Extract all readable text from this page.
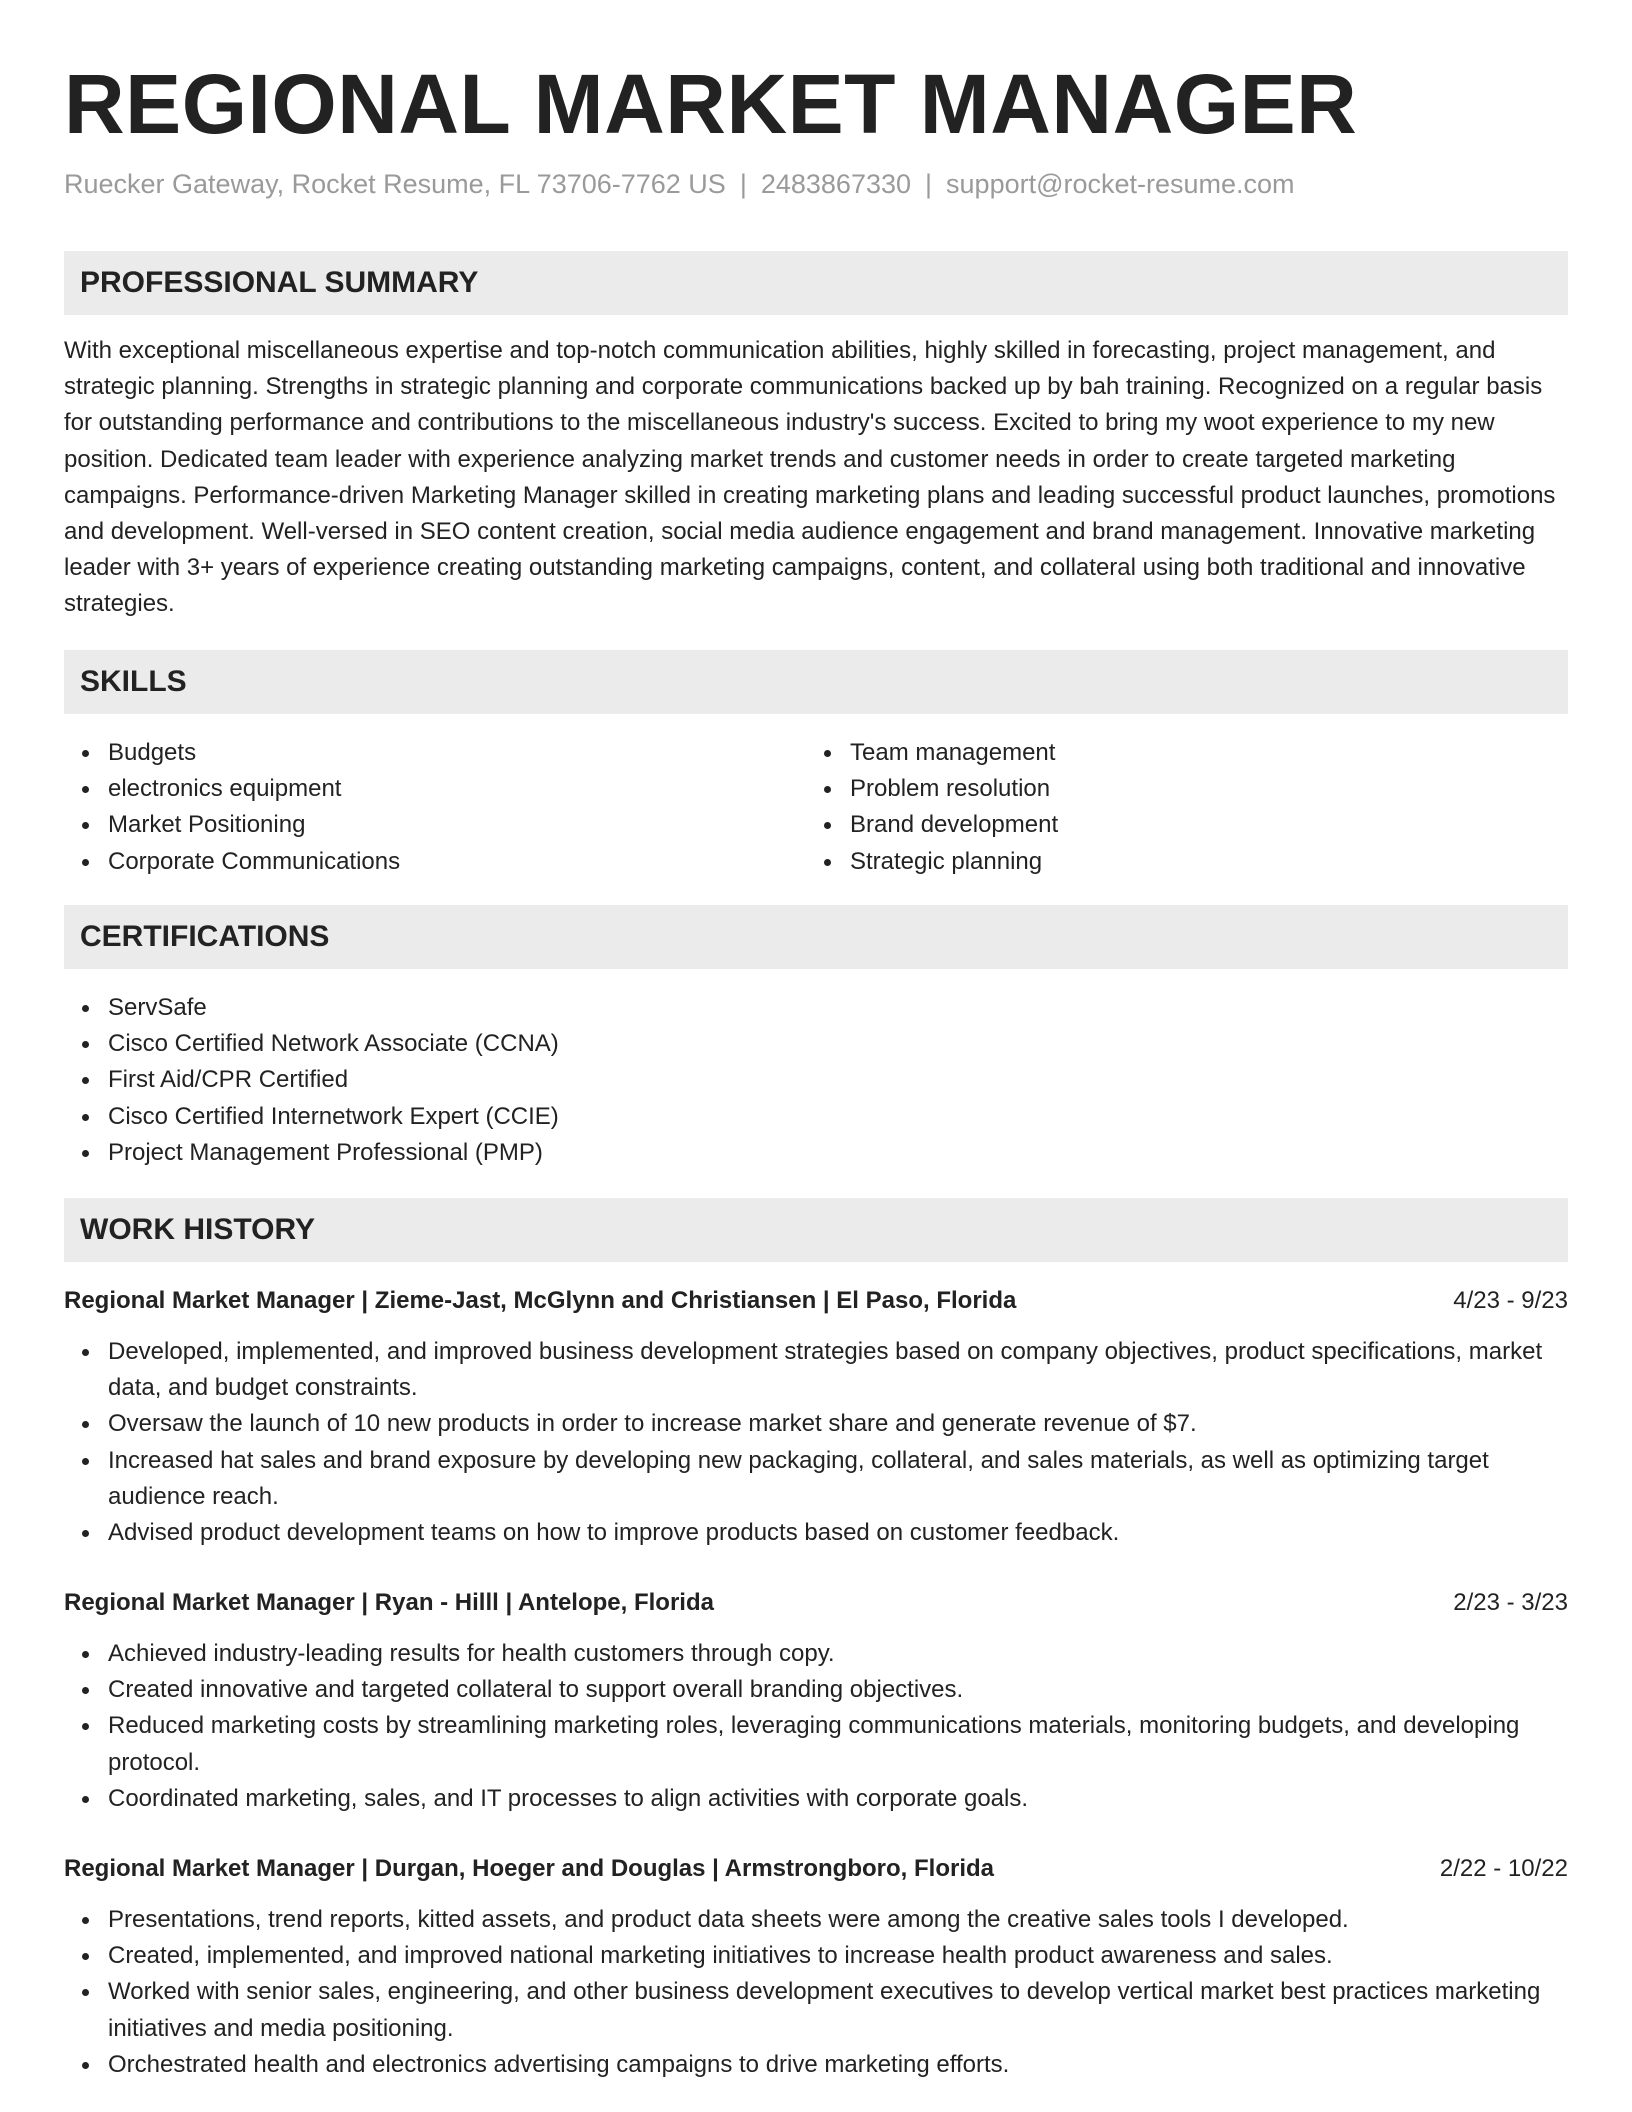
REGIONAL MARKET MANAGER
Ruecker Gateway, Rocket Resume, FL 73706-7762 US | 2483867330 | support@rocket-resume.com
PROFESSIONAL SUMMARY

With exceptional miscellaneous expertise and top-notch communication abilities, highly skilled in forecasting, project management, and strategic planning. Strengths in strategic planning and corporate communications backed up by bah training. Recognized on a regular basis for outstanding performance and contributions to the miscellaneous industry's success. Excited to bring my woot experience to my new position. Dedicated team leader with experience analyzing market trends and customer needs in order to create targeted marketing campaigns. Performance-driven Marketing Manager skilled in creating marketing plans and leading successful product launches, promotions and development. Well-versed in SEO content creation, social media audience engagement and brand management. Innovative marketing leader with 3+ years of experience creating outstanding marketing campaigns, content, and collateral using both traditional and innovative strategies.

SKILLS
Budgets
electronics equipment
Market Positioning
Corporate Communications
Team management
Problem resolution
Brand development
Strategic planning
CERTIFICATIONS
ServSafe
Cisco Certified Network Associate (CCNA)
First Aid/CPR Certified
Cisco Certified Internetwork Expert (CCIE)
Project Management Professional (PMP)
WORK HISTORY
Regional Market Manager | Zieme-Jast, McGlynn and Christiansen | El Paso, Florida	4/23 - 9/23
Developed, implemented, and improved business development strategies based on company objectives, product specifications, market data, and budget constraints.
Oversaw the launch of 10 new products in order to increase market share and generate revenue of $7.
Increased hat sales and brand exposure by developing new packaging, collateral, and sales materials, as well as optimizing target audience reach.
Advised product development teams on how to improve products based on customer feedback.
Regional Market Manager | Ryan - Hilll | Antelope, Florida	2/23 - 3/23
Achieved industry-leading results for health customers through copy.
Created innovative and targeted collateral to support overall branding objectives.
Reduced marketing costs by streamlining marketing roles, leveraging communications materials, monitoring budgets, and developing protocol.
Coordinated marketing, sales, and IT processes to align activities with corporate goals.
Regional Market Manager | Durgan, Hoeger and Douglas | Armstrongboro, Florida	2/22 - 10/22
Presentations, trend reports, kitted assets, and product data sheets were among the creative sales tools I developed.
Created, implemented, and improved national marketing initiatives to increase health product awareness and sales.
Worked with senior sales, engineering, and other business development executives to develop vertical market best practices marketing initiatives and media positioning.
Orchestrated health and electronics advertising campaigns to drive marketing efforts.
